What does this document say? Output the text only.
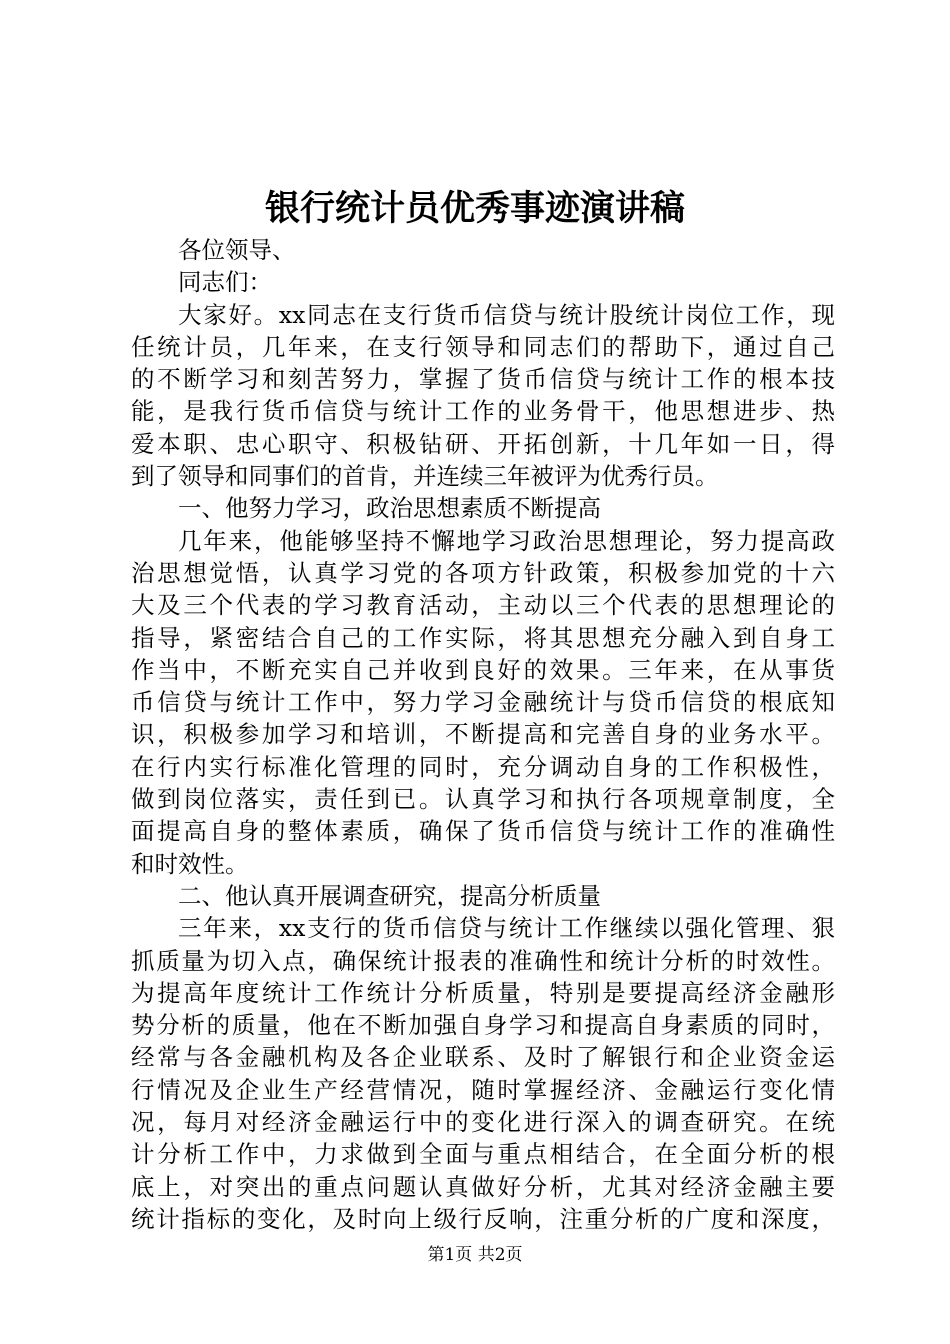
银行统计员优秀事迹演讲稿
各位领导、
同志们：
大家好。xx同志在支行货币信贷与统计股统计岗位工作，现
任统计员，几年来，在支行领导和同志们的帮助下，通过自己
的不断学习和刻苦努力，掌握了货币信贷与统计工作的根本技
能，是我行货币信贷与统计工作的业务骨干，他思想进步、热
爱本职、忠心职守、积极钻研、开拓创新，十几年如一日，得
到了领导和同事们的首肯，并连续三年被评为优秀行员。
一、他努力学习，政治思想素质不断提高
几年来，他能够坚持不懈地学习政治思想理论，努力提高政
治思想觉悟，认真学习党的各项方针政策，积极参加党的十六
大及三个代表的学习教育活动，主动以三个代表的思想理论的
指导，紧密结合自己的工作实际，将其思想充分融入到自身工
作当中，不断充实自己并收到良好的效果。三年来，在从事货
币信贷与统计工作中，努力学习金融统计与贷币信贷的根底知
识，积极参加学习和培训，不断提高和完善自身的业务水平。
在行内实行标准化管理的同时，充分调动自身的工作积极性，
做到岗位落实，责任到已。认真学习和执行各项规章制度，全
面提高自身的整体素质，确保了货币信贷与统计工作的准确性
和时效性。
二、他认真开展调查研究，提高分析质量
三年来，xx支行的货币信贷与统计工作继续以强化管理、狠
抓质量为切入点，确保统计报表的准确性和统计分析的时效性。
为提高年度统计工作统计分析质量，特别是要提高经济金融形
势分析的质量，他在不断加强自身学习和提高自身素质的同时，
经常与各金融机构及各企业联系、及时了解银行和企业资金运
行情况及企业生产经营情况，随时掌握经济、金融运行变化情
况，每月对经济金融运行中的变化进行深入的调查研究。在统
计分析工作中，力求做到全面与重点相结合，在全面分析的根
底上，对突出的重点问题认真做好分析，尤其对经济金融主要
统计指标的变化，及时向上级行反响，注重分析的广度和深度，
第1页 共2页
